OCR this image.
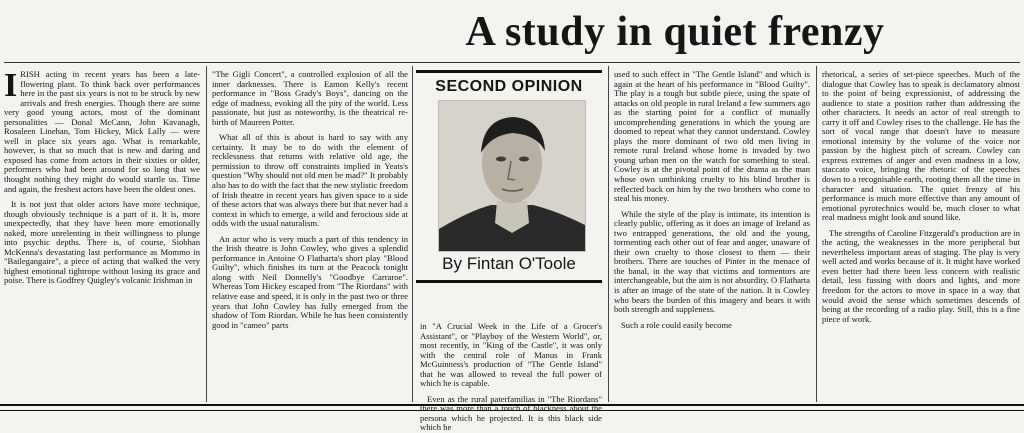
A study in quiet frenzy

IRISH acting in recent years has been a late-flowering plant. To think back over performances here in the past six years is not to be struck by new arrivals and fresh energies. Though there are some very good young actors, most of the dominant personalities — Donal McCann, John Kavanagh, Rosaleen Linehan, Tom Hickey, Mick Lally — were well in place six years ago. What is remarkable, however, is that so much that is new and daring and exposed has come from actors in their sixties or older, performers who had been around for so long that we thought nothing they might do would startle us. Time and again, the freshest actors have been the oldest ones.

It is not just that older actors have more technique, though obviously technique is a part of it. It is, more unexpectedly, that they have been more emotionally naked, more unrelenting in their willingness to plunge into psychic depths. There is, of course, Siobhan McKenna's devastating last performance as Mommo in "Bailegangaire", a piece of acting that walked the very highest emotional tightrope without losing its grace and poise. There is Godfrey Quigley's volcanic Irishman in

"The Gigli Concert", a controlled explosion of all the inner darknesses. There is Eamon Kelly's recent performance in "Boss Grady's Boys", dancing on the edge of madness, evoking all the pity of the world. Less passionate, but just as noteworthy, is the theatrical re-birth of Maureen Potter.

What all of this is about is hard to say with any certainty. It may be to do with the element of recklessness that returns with relative old age, the permission to throw off constraints implied in Yeats's question "Why should not old men be mad?" It probably also has to do with the fact that the new stylistic freedom of Irish theatre in recent years has given space to a side of these actors that was always there but that never had a context in which to emerge, a wild and ferocious side at odds with the usual naturalism.

An actor who is very much a part of this tendency in the Irish theatre is John Cowley, who gives a splendid performance in Antoine O Flatharta's short play "Blood Guilty", which finishes its turn at the Peacock tonight along with Neil Donnelly's "Goodbye Carraroe". Whereas Tom Hickey escaped from "The Riordans" with relative ease and speed, it is only in the past two or three years that John Cowley has fully emerged from the shadow of Tom Riordan. While he has been consistently good in "cameo" parts

SECOND OPINION
By Fintan O'Toole

in "A Crucial Week in the Life of a Grocer's Assistant", or "Playboy of the Western World", or, most recently, in "King of the Castle", it was only with the central role of Manus in Frank McGuinness's production of "The Gentle Island" that he was allowed to reveal the full power of which he is capable.

Even as the rural paterfamilias in "The Riordans" there was more than a touch of blackness about the persona which he projected. It is this black side which he

used to such effect in "The Gentle Island" and which is again at the heart of his performance in "Blood Guilty". The play is a tough but subtle piece, using the spate of attacks on old people in rural Ireland a few summers ago as the starting point for a conflict of mutually uncomprehending generations in which the young are doomed to repeat what they cannot understand. Cowley plays the more dominant of two old men living in remote rural Ireland whose home is invaded by two young urban men on the watch for something to steal. Cowley is at the pivotal point of the drama as the man whose own unthinking cruelty to his blind brother is reflected back on him by the two brothers who come to steal his money.

While the style of the play is intimate, its intention is clearly public, offering as it does an image of Ireland as two entrapped generations, the old and the young, tormenting each other out of fear and anger, unaware of their own cruelty to those closest to them — their brothers. There are touches of Pinter in the menace of the banal, in the way that victims and tormentors are interchangeable, but the aim is not absurdity. O Flatharta is after an image of the state of the nation. It is Cowley who bears the burden of this imagery and bears it with both strength and suppleness.

Such a role could easily become

rhetorical, a series of set-piece speeches. Much of the dialogue that Cowley has to speak is declamatory almost to the point of being expressionist, of addressing the audience to state a position rather than addressing the other characters. It needs an actor of real strength to carry it off and Cowley rises to the challenge. He has the sort of vocal range that doesn't have to measure emotional intensity by the volume of the voice nor passion by the highest pitch of scream. Cowley can express extremes of anger and even madness in a low, staccato voice, bringing the rhetoric of the speeches down to a recognisable earth, rooting them all the time in character and situation. The quiet frenzy of his performance is much more effective than any amount of emotional pyrotechnics would be, much closer to what real madness might look and sound like.

The strengths of Caroline Fitzgerald's production are in the acting, the weaknesses in the more peripheral but nevertheless important areas of staging. The play is very well acted and works because of it. It might have worked even better had there been less concern with realistic detail, less fussing with doors and lights, and more freedom for the actors to move in space in a way that would avoid the sense which sometimes descends of being at the recording of a radio play. Still, this is a fine piece of work.
